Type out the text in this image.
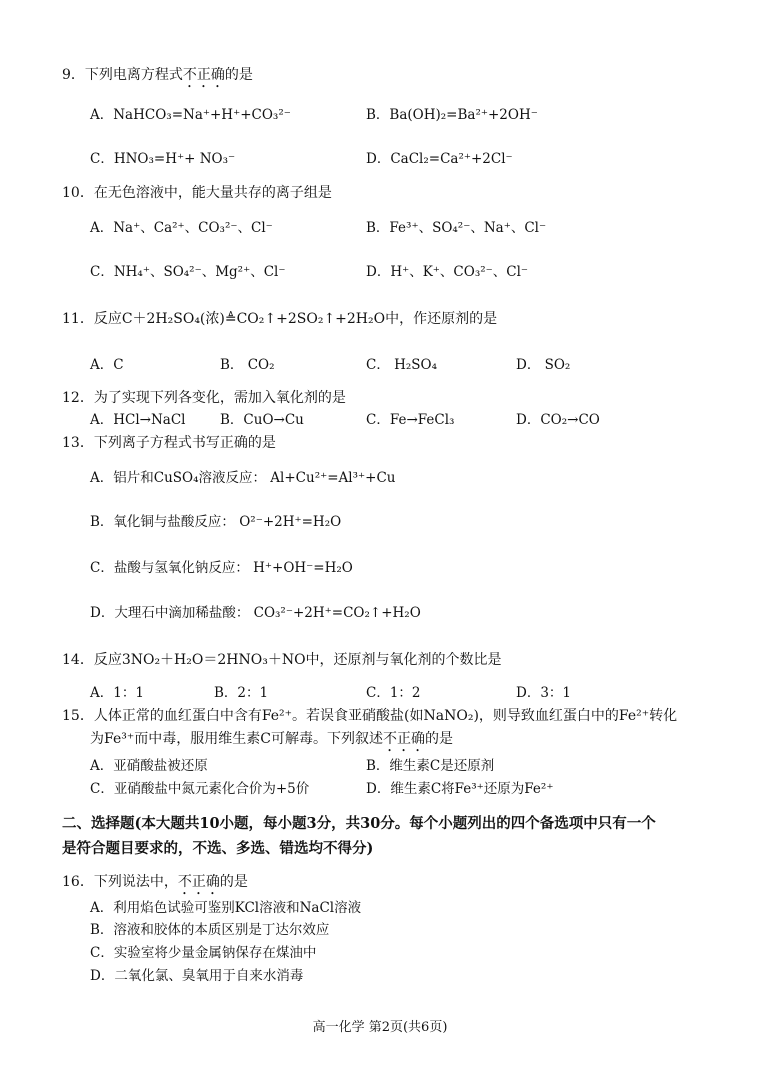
9．下列电离方程式不正确的是
A．NaHCO₃=Na⁺+H⁺+CO₃²⁻	B．Ba(OH)₂=Ba²⁺+2OH⁻
C．HNO₃=H⁺+ NO₃⁻	D．CaCl₂=Ca²⁺+2Cl⁻
10．在无色溶液中，能大量共存的离子组是
A．Na⁺、Ca²⁺、CO₃²⁻、Cl⁻	B．Fe³⁺、SO₄²⁻、Na⁺、Cl⁻
C．NH₄⁺、SO₄²⁻、Mg²⁺、Cl⁻	D．H⁺、K⁺、CO₃²⁻、Cl⁻
11．反应C＋2H₂SO₄(浓)≜CO₂↑+2SO₂↑+2H₂O中，作还原剂的是
A．C	B． CO₂	C． H₂SO₄	D． SO₂
12．为了实现下列各变化，需加入氧化剂的是
A．HCl→NaCl	B．CuO→Cu	C．Fe→FeCl₃	D．CO₂→CO
13．下列离子方程式书写正确的是
A．铝片和CuSO₄溶液反应： Al+Cu²⁺=Al³⁺+Cu
B．氧化铜与盐酸反应： O²⁻+2H⁺=H₂O
C．盐酸与氢氧化钠反应： H⁺+OH⁻=H₂O
D．大理石中滴加稀盐酸： CO₃²⁻+2H⁺=CO₂↑+H₂O
14．反应3NO₂＋H₂O＝2HNO₃＋NO中，还原剂与氧化剂的个数比是
A．1：1	B．2：1	C．1：2	D．3：1
15．人体正常的血红蛋白中含有Fe²⁺。若误食亚硝酸盐(如NaNO₂)，则导致血红蛋白中的Fe²⁺转化
为Fe³⁺而中毒，服用维生素C可解毒。下列叙述不正确的是
A．亚硝酸盐被还原	B．维生素C是还原剂
C．亚硝酸盐中氮元素化合价为+5价	D．维生素C将Fe³⁺还原为Fe²⁺
二、选择题(本大题共10小题，每小题3分，共30分。每个小题列出的四个备选项中只有一个
是符合题目要求的，不选、多选、错选均不得分)
16．下列说法中，不正确的是
A．利用焰色试验可鉴别KCl溶液和NaCl溶液
B．溶液和胶体的本质区别是丁达尔效应
C．实验室将少量金属钠保存在煤油中
D．二氧化氯、臭氧用于自来水消毒
高一化学 第2页(共6页)
